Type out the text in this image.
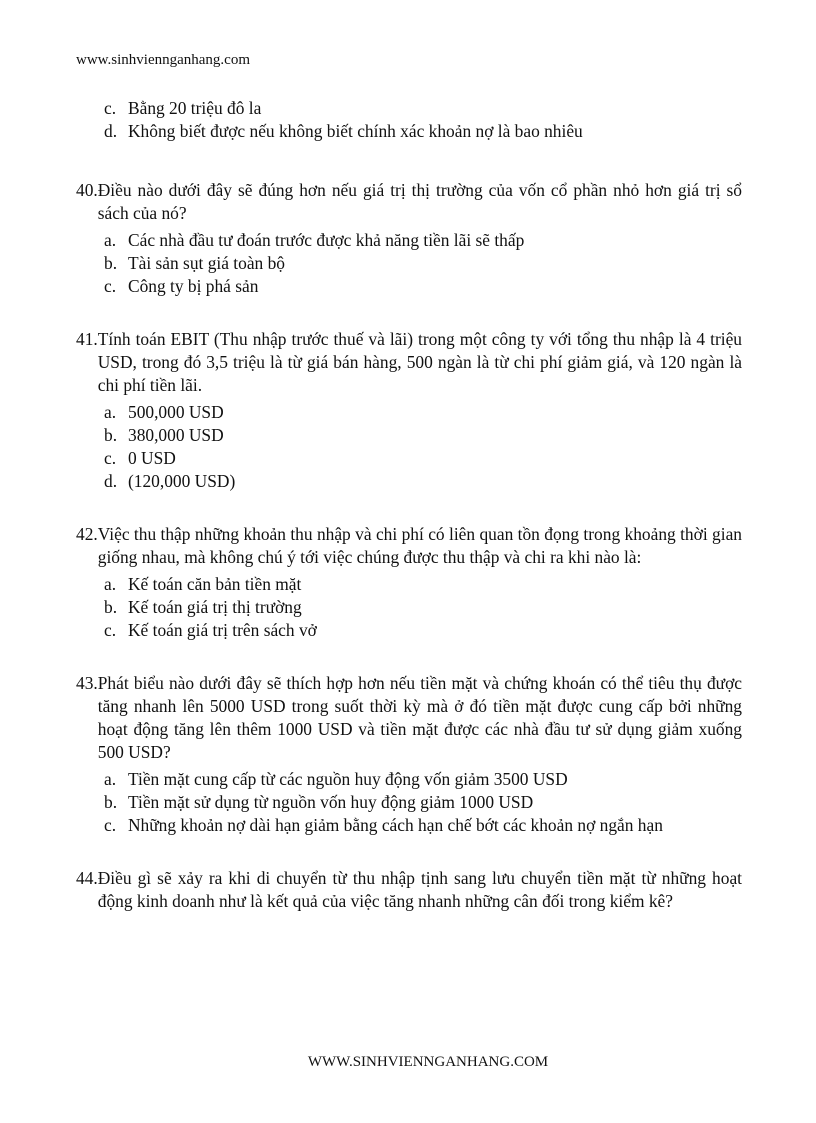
www.sinhviennganhang.com
c. Bằng 20 triệu đô la
d. Không biết được nếu không biết chính xác khoản nợ là bao nhiêu
40. Điều nào dưới đây sẽ đúng hơn nếu giá trị thị trường của vốn cổ phần nhỏ hơn giá trị sổ sách của nó?
a. Các nhà đầu tư đoán trước được khả năng tiền lãi sẽ thấp
b. Tài sản sụt giá toàn bộ
c. Công ty bị phá sản
41. Tính toán EBIT (Thu nhập trước thuế và lãi) trong một công ty với tổng thu nhập là 4 triệu USD, trong đó 3,5 triệu là từ giá bán hàng, 500 ngàn là từ chi phí giảm giá, và 120 ngàn là chi phí tiền lãi.
a. 500,000 USD
b. 380,000 USD
c. 0 USD
d. (120,000 USD)
42. Việc thu thập những khoản thu nhập và chi phí có liên quan tồn đọng trong khoảng thời gian giống nhau, mà không chú ý tới việc chúng được thu thập và chi ra khi nào là:
a. Kế toán căn bản tiền mặt
b. Kế toán giá trị thị trường
c. Kế toán giá trị trên sách vở
43. Phát biểu nào dưới đây sẽ thích hợp hơn nếu tiền mặt và chứng khoán có thể tiêu thụ được tăng nhanh lên 5000 USD trong suốt thời kỳ mà ở đó tiền mặt được cung cấp bởi những hoạt động tăng lên thêm 1000 USD và tiền mặt được các nhà đầu tư sử dụng giảm xuống 500 USD?
a. Tiền mặt cung cấp từ các nguồn huy động vốn giảm 3500 USD
b. Tiền mặt sử dụng từ nguồn vốn huy động giảm 1000 USD
c. Những khoản nợ dài hạn giảm bằng cách hạn chế bớt các khoản nợ ngắn hạn
44. Điều gì sẽ xảy ra khi di chuyển từ thu nhập tịnh sang lưu chuyển tiền mặt từ những hoạt động kinh doanh như là kết quả của việc tăng nhanh những cân đối trong kiểm kê?
WWW.SINHVIENNGANHANG.COM
